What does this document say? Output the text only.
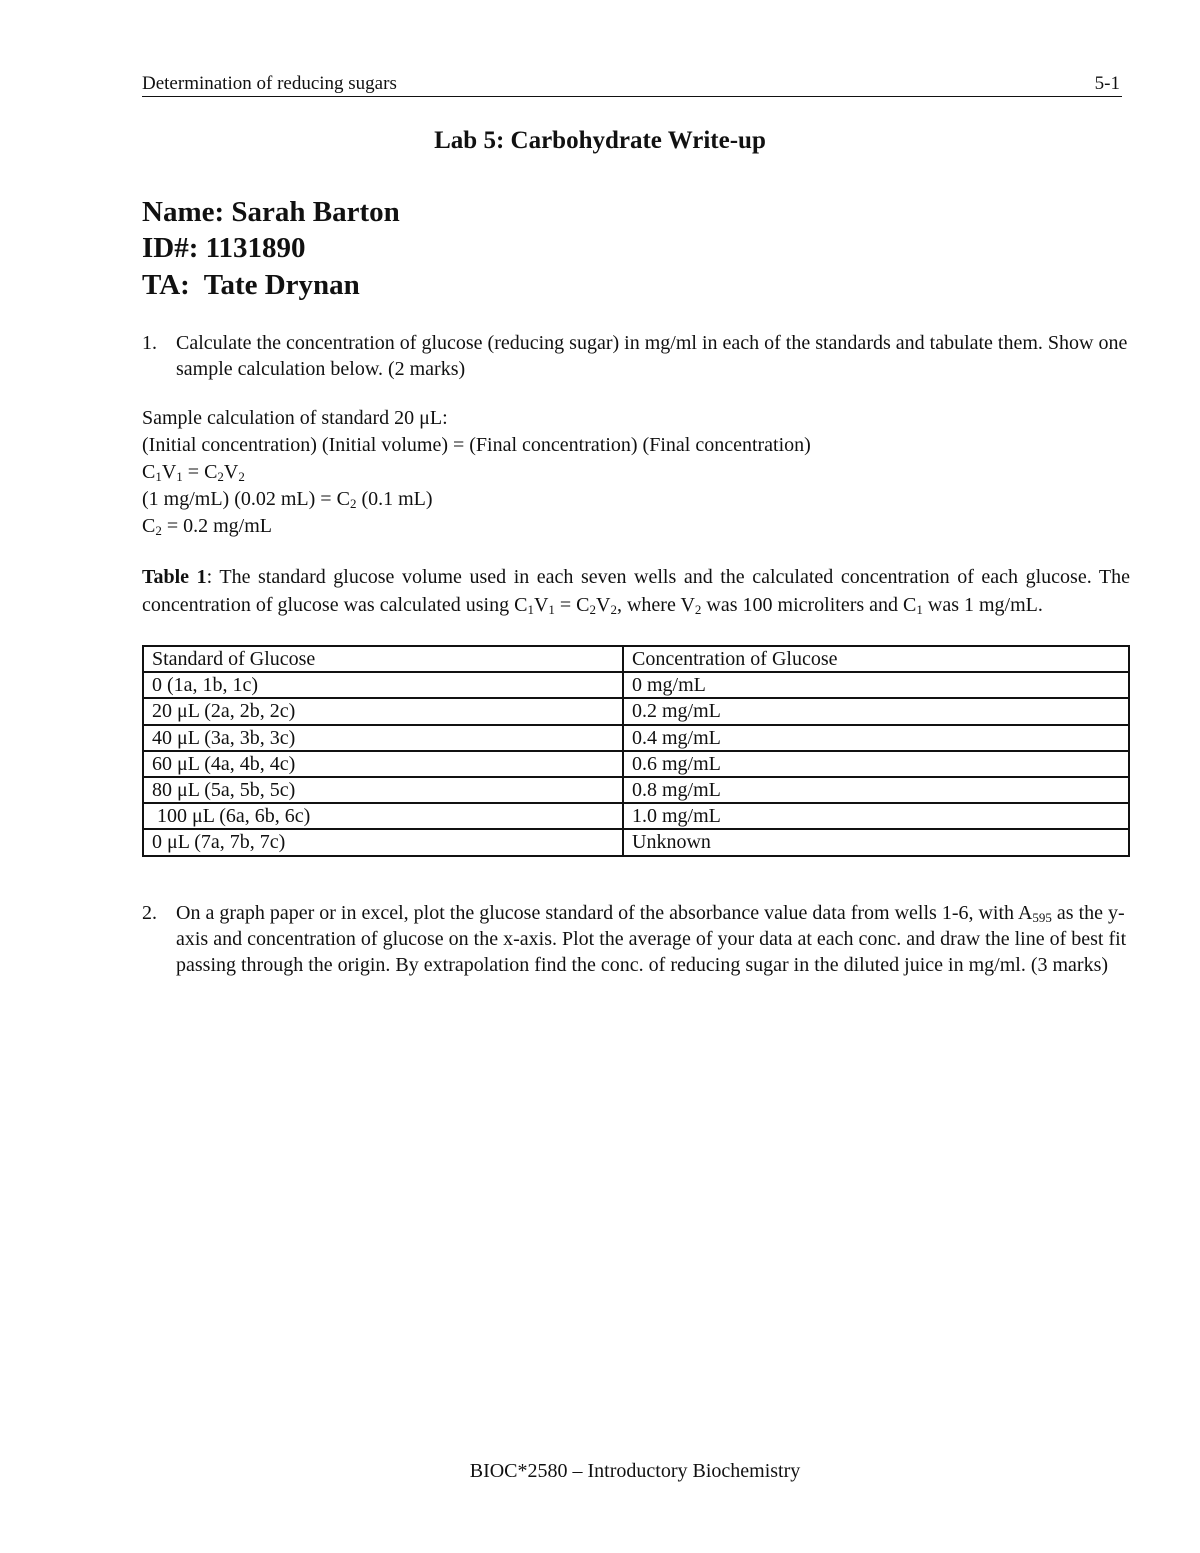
Determination of reducing sugars	5-1
Lab 5: Carbohydrate Write-up
Name: Sarah Barton
ID#: 1131890
TA:  Tate Drynan
1. Calculate the concentration of glucose (reducing sugar) in mg/ml in each of the standards and tabulate them. Show one sample calculation below. (2 marks)
Sample calculation of standard 20 μL:
(Initial concentration) (Initial volume) = (Final concentration) (Final concentration)
$C_1V_1 = C_2V_2$
(1 mg/mL) (0.02 $mL) = C_2$ (0.1 mL)
$C_2 = 0.2$ mg/mL
Table 1: The standard glucose volume used in each seven wells and the calculated concentration of each glucose. The concentration of glucose was calculated using $C_1V_1 = C_2V_2$, where $V_2$ was 100 microliters and $C_1$ was 1 mg/mL.
Standard of Glucose	Concentration of Glucose
0 (1a, 1b, 1c)	0 mg/mL
20 μL (2a, 2b, 2c)	0.2 mg/mL
40 μL (3a, 3b, 3c)	0.4 mg/mL
60 μL (4a, 4b, 4c)	0.6 mg/mL
80 μL (5a, 5b, 5c)	0.8 mg/mL
100 μL (6a, 6b, 6c)	1.0 mg/mL
0 μL (7a, 7b, 7c)	Unknown
2. On a graph paper or in excel, plot the glucose standard of the absorbance value data from wells 1-6, with $A_{595}$ as the y-axis and concentration of glucose on the x-axis. Plot the average of your data at each conc. and draw the line of best fit passing through the origin. By extrapolation find the conc. of reducing sugar in the diluted juice in mg/ml. (3 marks)
BIOC*2580 – Introductory Biochemistry
